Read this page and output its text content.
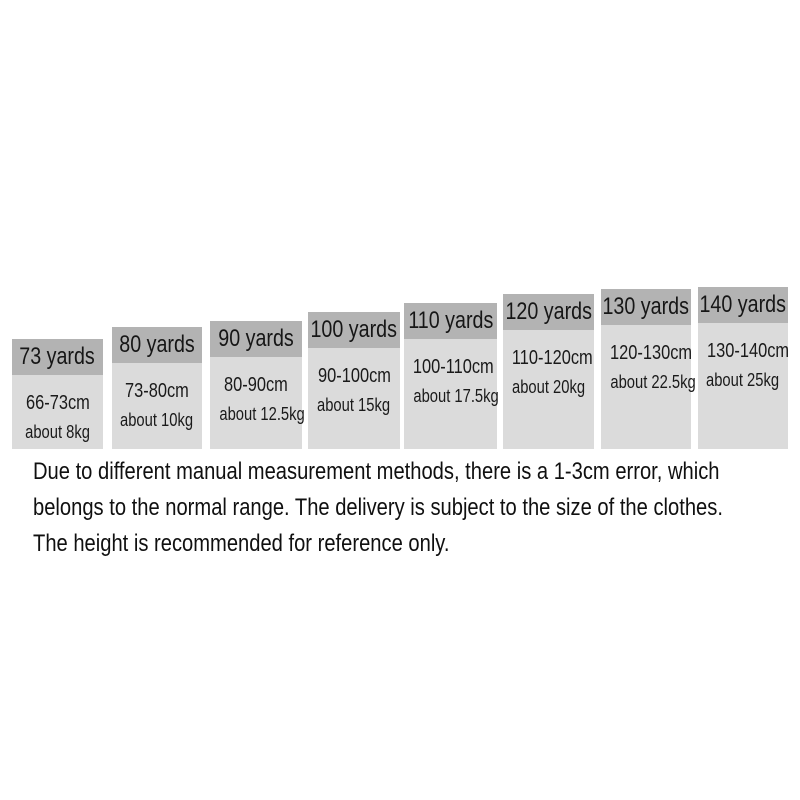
73 yards
66-73cm
about 8kg
80 yards
73-80cm
about 10kg
90 yards
80-90cm
about 12.5kg
100 yards
90-100cm
about 15kg
110 yards
100-110cm
about 17.5kg
120 yards
110-120cm
about 20kg
130 yards
120-130cm
about 22.5kg
140 yards
130-140cm
about 25kg
Due to different manual measurement methods, there is a 1-3cm error, which
belongs to the normal range. The delivery is subject to the size of the clothes.
The height is recommended for reference only.
